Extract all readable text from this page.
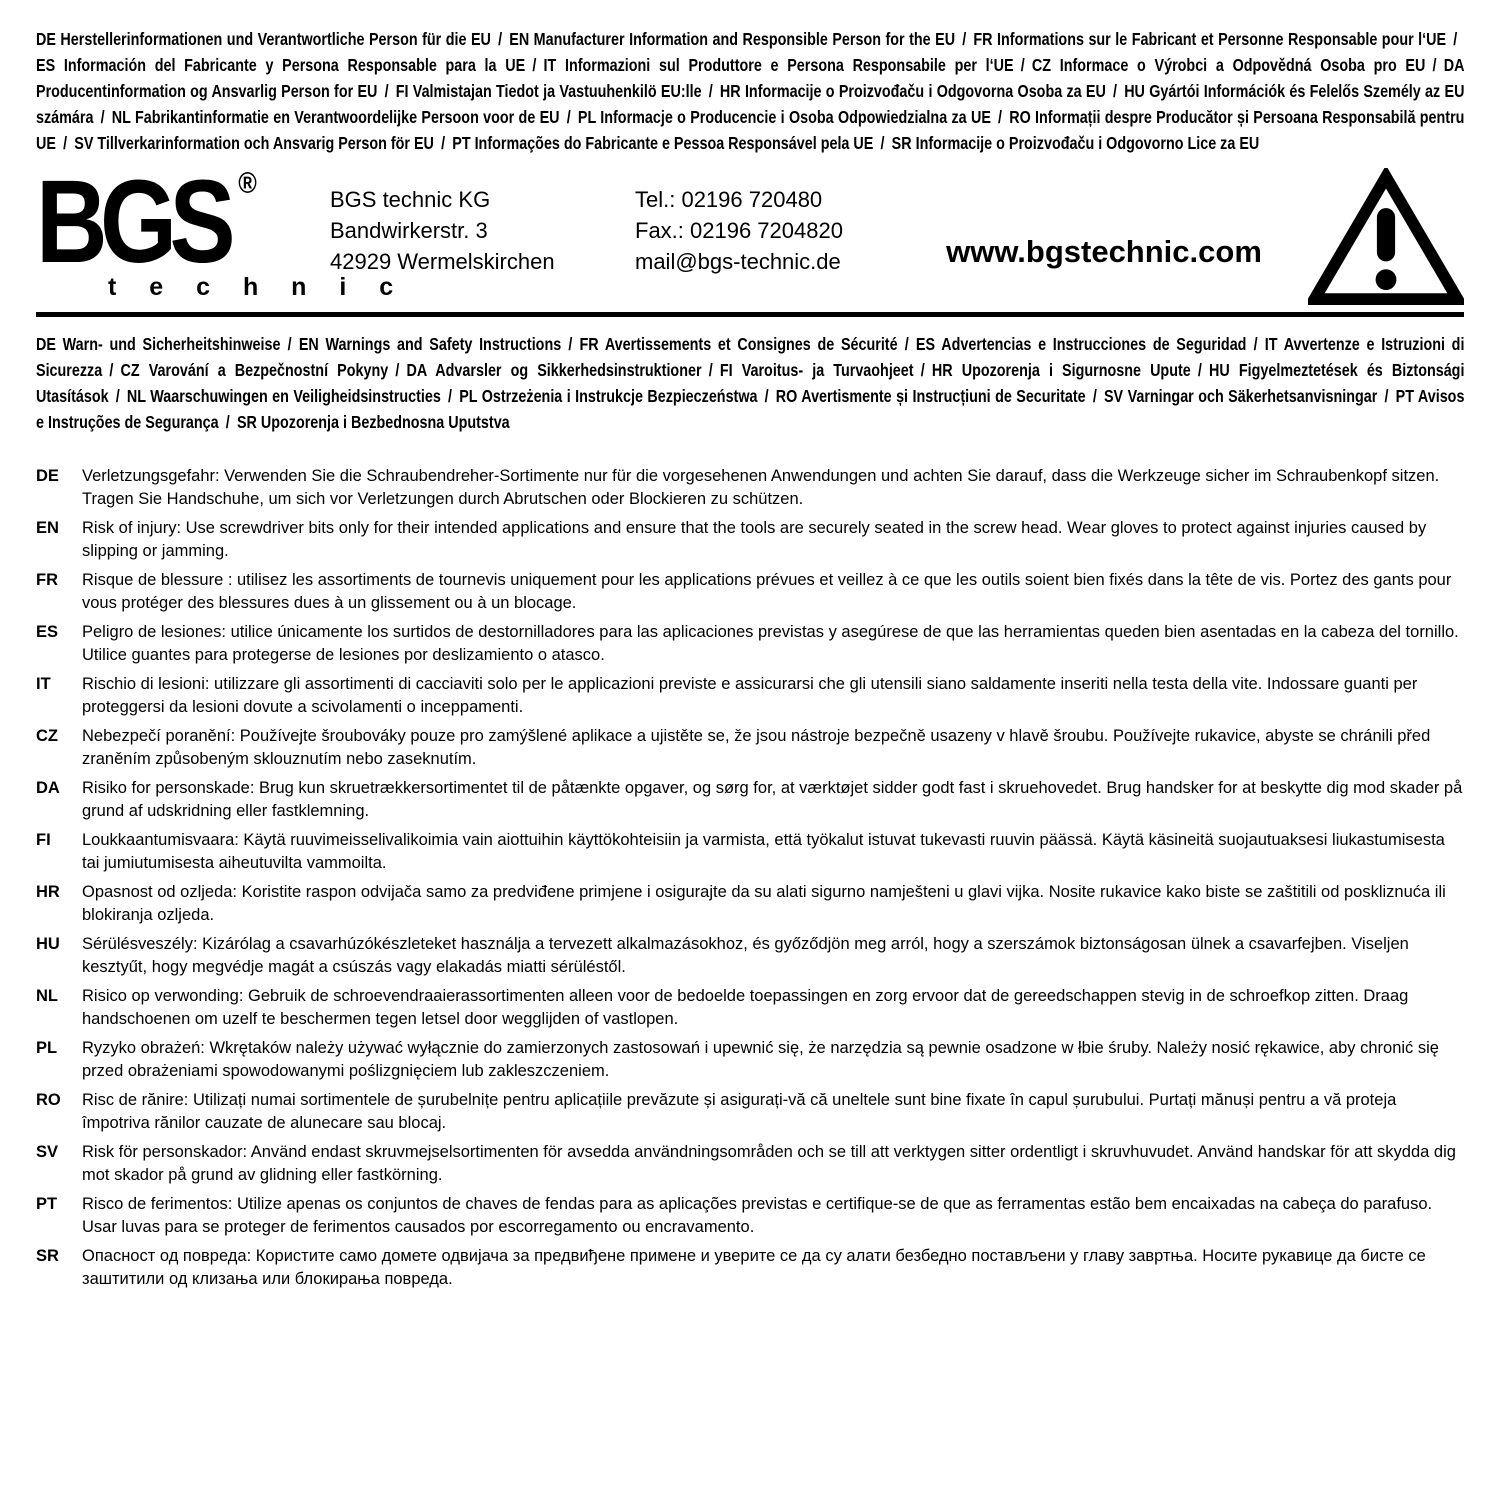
DE Herstellerinformationen und Verantwortliche Person für die EU / EN Manufacturer Information and Responsible Person for the EU / FR Informations sur le Fabricant et Personne Responsable pour l‘UE / ES Información del Fabricante y Persona Responsable para la UE / IT Informazioni sul Produttore e Persona Responsabile per l‘UE / CZ Informace o Výrobci a Odpovědná Osoba pro EU / DA Producentinformation og Ansvarlig Person for EU / FI Valmistajan Tiedot ja Vastuuhenkilö EU:lle / HR Informacije o Proizvođaču i Odgovorna Osoba za EU / HU Gyártói Információk és Felelős Személy az EU számára / NL Fabrikantinformatie en Verantwoordelijke Persoon voor de EU / PL Informacje o Producencie i Osoba Odpowiedzialna za UE / RO Informații despre Producător și Persoana Responsabilă pentru UE / SV Tillverkarinformation och Ansvarig Person för EU / PT Informações do Fabricante e Pessoa Responsável pela UE / SR Informacije o Proizvođaču i Odgovorno Lice za EU
BGS ®
t e c h n i c
BGS technic KG
Bandwirkerstr. 3
42929 Wermelskirchen
Tel.: 02196 720480
Fax.: 02196 7204820
mail@bgs-technic.de	www.bgstechnic.com
DE Warn- und Sicherheitshinweise / EN Warnings and Safety Instructions / FR Avertissements et Consignes de Sécurité / ES Advertencias e Instrucciones de Seguridad / IT Avvertenze e Istruzioni di Sicurezza / CZ Varování a Bezpečnostní Pokyny / DA Advarsler og Sikkerhedsinstruktioner / FI Varoitus- ja Turvaohjeet / HR Upozorenja i Sigurnosne Upute / HU Figyelmeztetések és Biztonsági Utasítások / NL Waarschuwingen en Veiligheidsinstructies / PL Ostrzeżenia i Instrukcje Bezpieczeństwa / RO Avertismente și Instrucțiuni de Securitate / SV Varningar och Säkerhetsanvisningar / PT Avisos e Instruções de Segurança / SR Upozorenja i Bezbednosna Uputstva
DE	Verletzungsgefahr: Verwenden Sie die Schraubendreher-Sortimente nur für die vorgesehenen Anwendungen und achten Sie darauf, dass die Werkzeuge sicher im Schraubenkopf sitzen. Tragen Sie Handschuhe, um sich vor Verletzungen durch Abrutschen oder Blockieren zu schützen.
EN	Risk of injury: Use screwdriver bits only for their intended applications and ensure that the tools are securely seated in the screw head. Wear gloves to protect against injuries caused by slipping or jamming.
FR	Risque de blessure : utilisez les assortiments de tournevis uniquement pour les applications prévues et veillez à ce que les outils soient bien fixés dans la tête de vis. Portez des gants pour vous protéger des blessures dues à un glissement ou à un blocage.
ES	Peligro de lesiones: utilice únicamente los surtidos de destornilladores para las aplicaciones previstas y asegúrese de que las herramientas queden bien asentadas en la cabeza del tornillo. Utilice guantes para protegerse de lesiones por deslizamiento o atasco.
IT	Rischio di lesioni: utilizzare gli assortimenti di cacciaviti solo per le applicazioni previste e assicurarsi che gli utensili siano saldamente inseriti nella testa della vite. Indossare guanti per proteggersi da lesioni dovute a scivolamenti o inceppamenti.
CZ	Nebezpečí poranění: Používejte šroubováky pouze pro zamýšlené aplikace a ujistěte se, že jsou nástroje bezpečně usazeny v hlavě šroubu. Používejte rukavice, abyste se chránili před zraněním způsobeným sklouznutím nebo zaseknutím.
DA	Risiko for personskade: Brug kun skruetrækkersortimentet til de påtænkte opgaver, og sørg for, at værktøjet sidder godt fast i skruehovedet. Brug handsker for at beskytte dig mod skader på grund af udskridning eller fastklemning.
FI	Loukkaantumisvaara: Käytä ruuvimeisselivalikoimia vain aiottuihin käyttökohteisiin ja varmista, että työkalut istuvat tukevasti ruuvin päässä. Käytä käsineitä suojautuaksesi liukastumisesta tai jumiutumisesta aiheutuvilta vammoilta.
HR	Opasnost od ozljeda: Koristite raspon odvijača samo za predviđene primjene i osigurajte da su alati sigurno namješteni u glavi vijka. Nosite rukavice kako biste se zaštitili od poskliznuća ili blokiranja ozljeda.
HU	Sérülésveszély: Kizárólag a csavarhúzókészleteket használja a tervezett alkalmazásokhoz, és győződjön meg arról, hogy a szerszámok biztonságosan ülnek a csavarfejben. Viseljen kesztyűt, hogy megvédje magát a csúszás vagy elakadás miatti sérüléstől.
NL	Risico op verwonding: Gebruik de schroevendraaierassortimenten alleen voor de bedoelde toepassingen en zorg ervoor dat de gereedschappen stevig in de schroefkop zitten. Draag handschoenen om uzelf te beschermen tegen letsel door wegglijden of vastlopen.
PL	Ryzyko obrażeń: Wkrętaków należy używać wyłącznie do zamierzonych zastosowań i upewnić się, że narzędzia są pewnie osadzone w łbie śruby. Należy nosić rękawice, aby chronić się przed obrażeniami spowodowanymi poślizgnięciem lub zakleszczeniem.
RO	Risc de rănire: Utilizați numai sortimentele de șurubelnițe pentru aplicațiile prevăzute și asigurați-vă că uneltele sunt bine fixate în capul șurubului. Purtați mănuși pentru a vă proteja împotriva rănilor cauzate de alunecare sau blocaj.
SV	Risk för personskador: Använd endast skruvmejselsortimenten för avsedda användningsområden och se till att verktygen sitter ordentligt i skruvhuvudet. Använd handskar för att skydda dig mot skador på grund av glidning eller fastkörning.
PT	Risco de ferimentos: Utilize apenas os conjuntos de chaves de fendas para as aplicações previstas e certifique-se de que as ferramentas estão bem encaixadas na cabeça do parafuso. Usar luvas para se proteger de ferimentos causados por escorregamento ou encravamento.
SR	Опасност од повреда: Користите само домете одвијача за предвиђене примене и уверите се да су алати безбедно постављени у главу завртња. Носите рукавице да бисте се заштитили од клизања или блокирања повреда.
